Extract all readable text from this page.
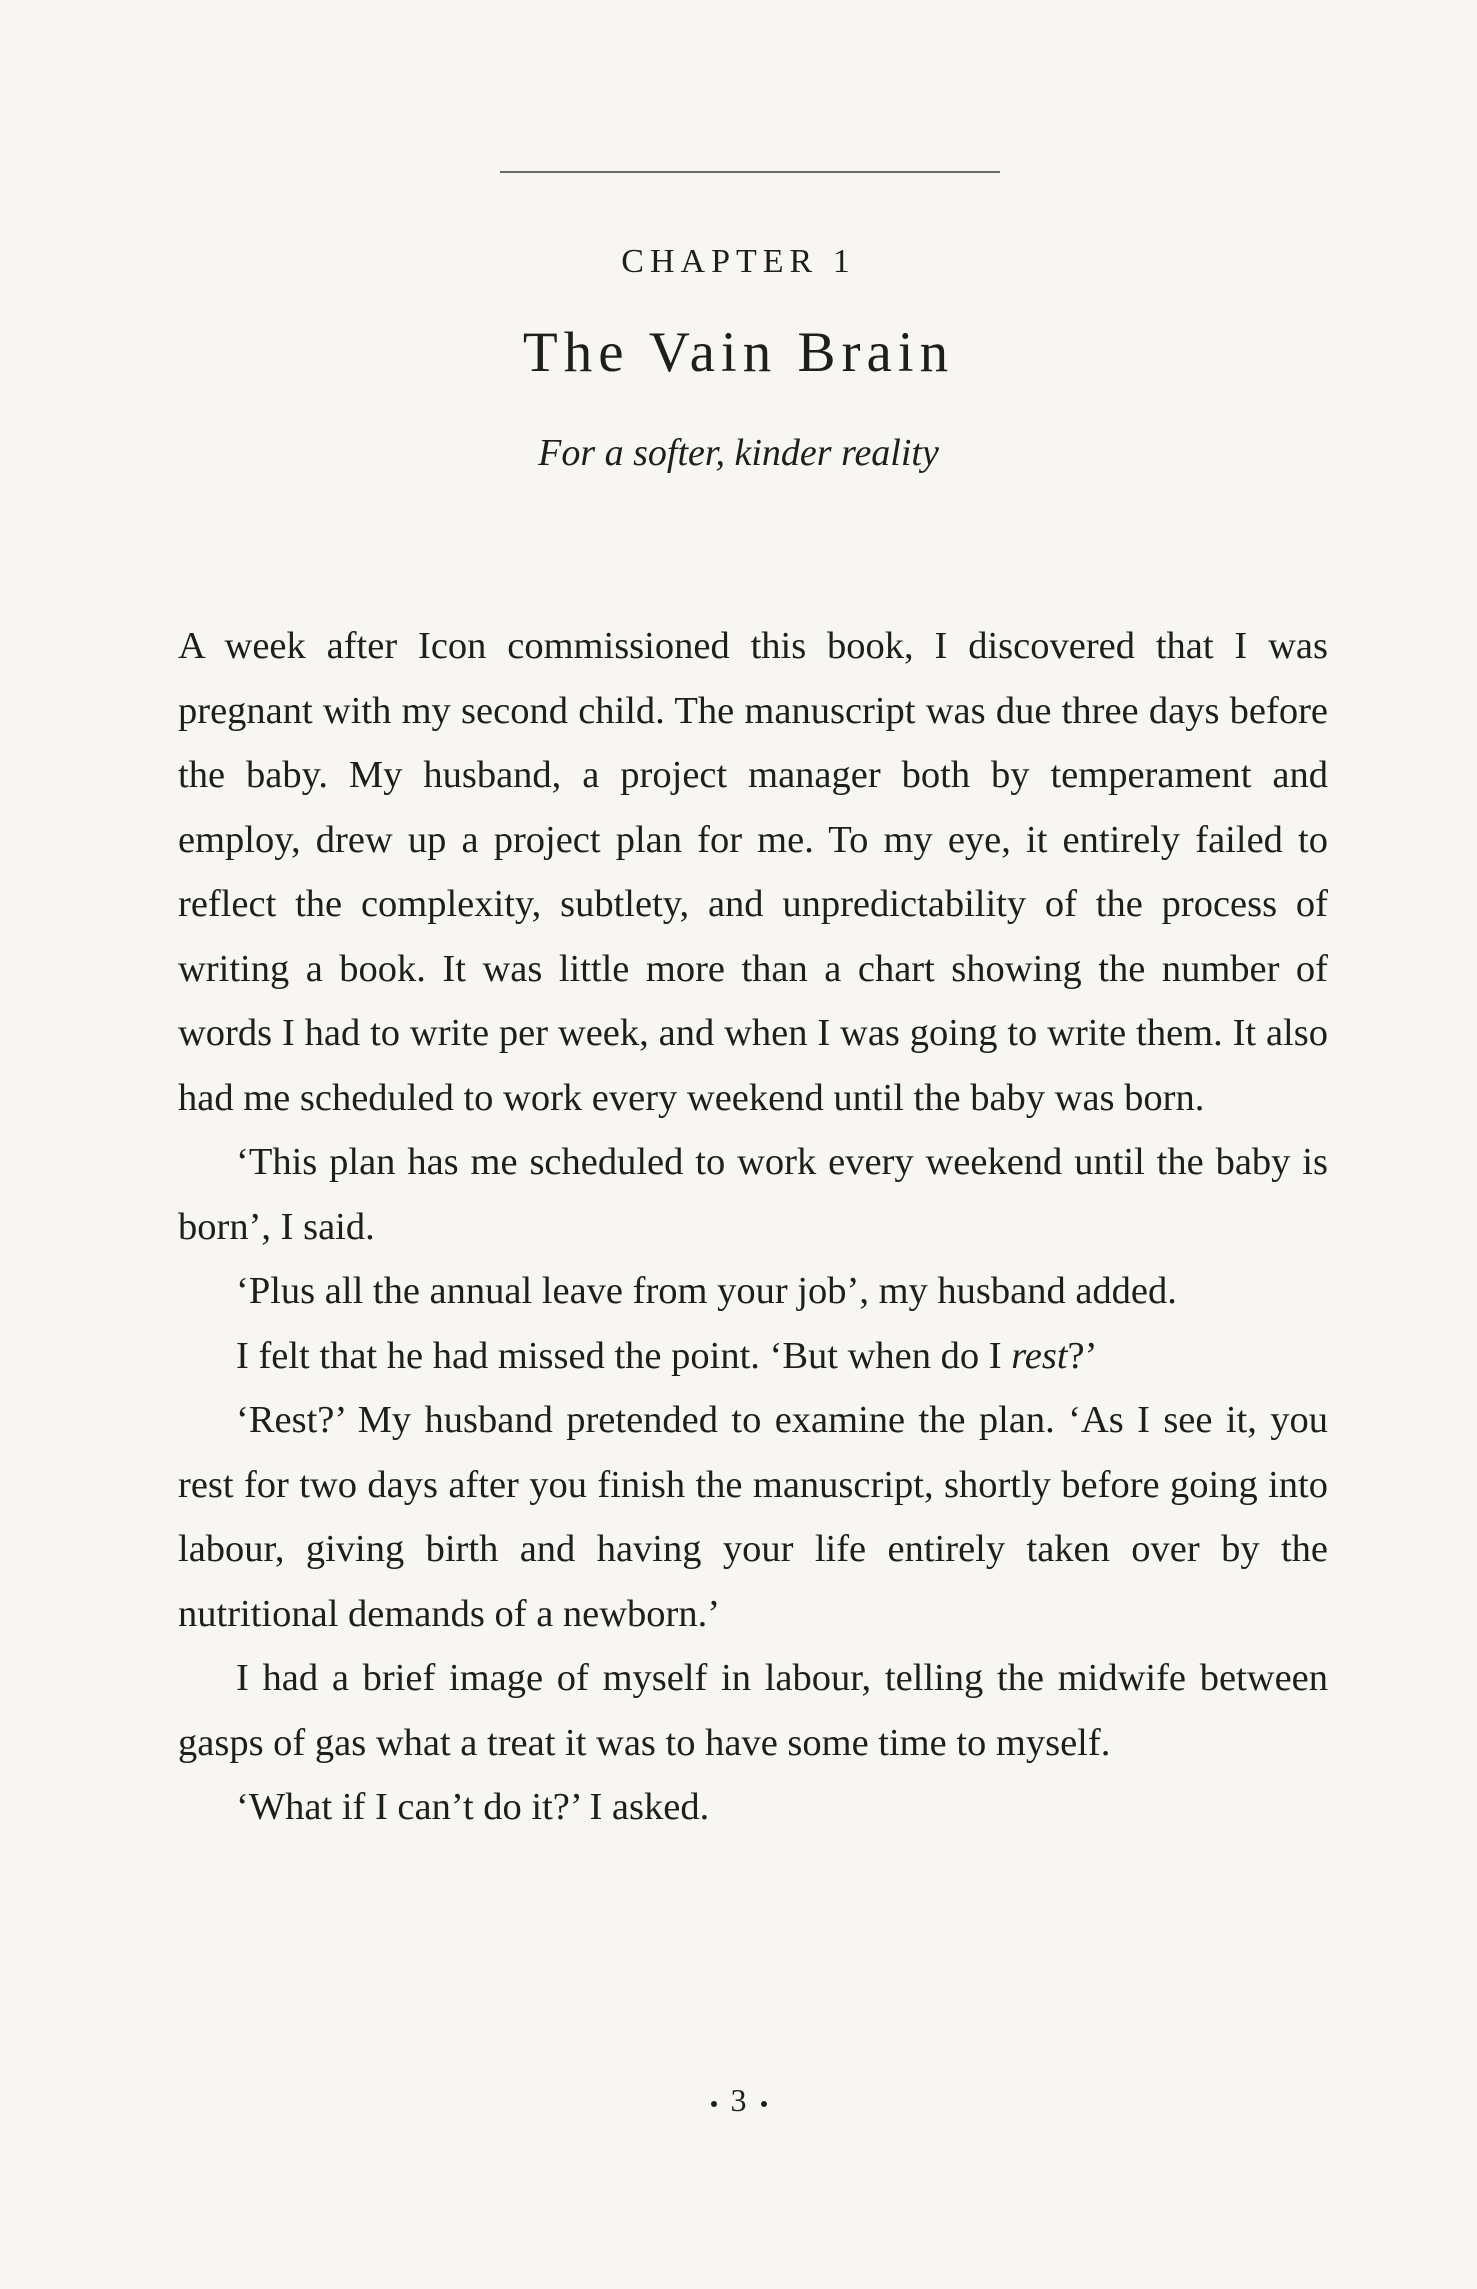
CHAPTER 1
The Vain Brain
For a softer, kinder reality

A week after Icon commissioned this book, I discovered that I was pregnant with my second child. The manuscript was due three days before the baby. My husband, a project manager both by temperament and employ, drew up a project plan for me. To my eye, it entirely failed to reflect the complexity, subtlety, and unpredictability of the process of writing a book. It was little more than a chart showing the number of words I had to write per week, and when I was going to write them. It also had me scheduled to work every weekend until the baby was born.

‘This plan has me scheduled to work every weekend until the baby is born’, I said.

‘Plus all the annual leave from your job’, my husband added.

I felt that he had missed the point. ‘But when do I rest?’

‘Rest?’ My husband pretended to examine the plan. ‘As I see it, you rest for two days after you finish the manuscript, shortly before going into labour, giving birth and having your life entirely taken over by the nutritional demands of a newborn.’

I had a brief image of myself in labour, telling the midwife between gasps of gas what a treat it was to have some time to myself.

‘What if I can’t do it?’ I asked.

3
